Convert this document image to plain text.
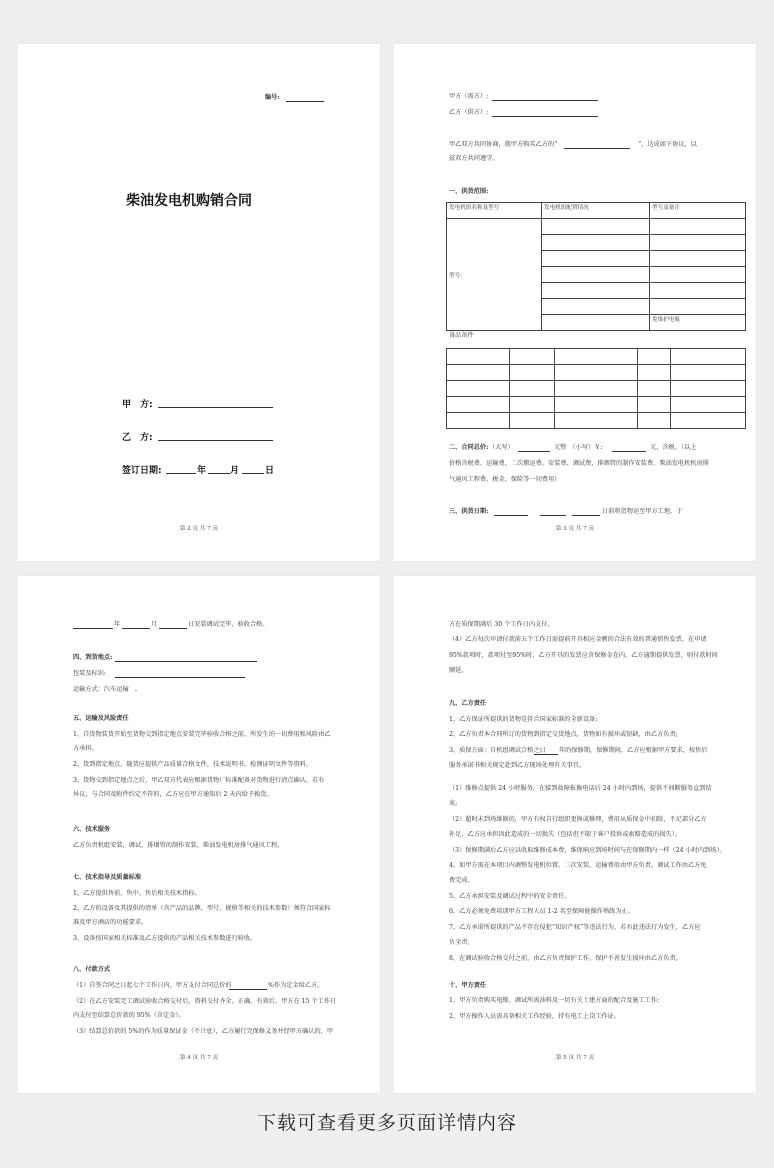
编号:
柴油发电机购销合同
甲　方:
乙　方:
签订日期:	年	月	日
第 2 页 共 7 页
甲方（需方）:
乙方（供方）:
甲乙双方共同协商，就甲方购买乙方的“	”，达成如下协议，以
兹双方共同遵守。
一、供货范围:
发电机组名称及型号	发电机组配置情况	型号及备注
型号:		

		免维护电瓶
备品备件

二、合同总价: （大写）	元整　（小写）￥:	元，含税。（以上
价格含税费、运输费、二次搬运费、安装费、调试费、排烟管的制作安装费、柴油发电机机房排
气通风工程费、税金、保险等一切费用）
三、供货日期:	日前将货物运至甲方工地，于
第 3 页 共 7 页
年	月	日安装调试完毕，验收合格。
四、到货地点:
包装及标识:
运输方式：汽车运输　。
五、运输及风险责任
1、自货物装货开始至货物交到指定地点安装完毕验收合格之前，所发生的一切费用和风险由乙
方承担。
2、货到指定地点，随货应提供产品质量合格文件，技术说明书，检测证明文件等资料。
3、货物交到指定地点之后，甲乙双方代表应根据货物厂标准配备对货物进行清点确认，若有
异议，与合同及附件约定不符的，乙方应在甲方通知后 2 天内给予换货。
六、技术服务
乙方负责机组安装，调试，排烟管的制作安装、柴油发电机房排气通风工程。
七、技术指导及质量标准
1、乙方提供售前、售中、售后相关技术指标。
2、乙方的设备及其提供的清单（含产品的品牌、型号、规格等相关的技术参数）须符合国家标
准及甲方酒店的功能要求。
3、设备按国家相关标准及乙方提供的产品相关技术参数进行验收。
八、付款方式
（1）自签合同之日起七个工作日内，甲方支付合同总价的	%作为定金给乙方。
（2）在乙方安装完工调试验收合格交付后，资料交付齐全、正确、有效后，甲方在 15 个工作日
内支付至结算总价款的 95%（含定金）。
（3）结算总价款的 5%的作为质量保证金（不计息），乙方履行完保修义务并经甲方确认的，甲
第 4 页 共 7 页
方在质保期满后 30 个工作日内支付。
（4）乙方每次申请付款前五个工作日需提前开具相应金额的合法有效的普通销售发票，在申请
95%款项时，款项付至95%时，乙方开具的发票应含保修金在内，乙方逾期提供发票，则付款时间
顺延。
九、乙方责任
1、乙方保证所提供的货物是符合国家标准的全新设备;
2、乙方负责本合同所订的货物到指定交货地点，货物如有损坏或短缺，由乙方负责;
3、质保方面：自机组调试合格之日 年的保修期，保修期间，乙方应根据甲方要求，按售后
服务承诺书相关规定赴到乙方现场处理有关事宜。
（1）维修点提供 24 小时服务，在接到故障报修电话后 24 小时内到场，提供不间断服务直到结
束;
（2）超时未到场维修的，甲方有权自行组织更换或修理，费用从质保金中扣除，不足部分乙方
补足，乙方应承担因此造成的一切损失（包括但不限于客户投诉或索赔造成的损失）。
（3）保修期满后乙方应以收取维修成本费，维保响应到场时间与在保修期内一样（24 小时内到场）。
4、如甲方需在本项目内调整发电机位置，二次安装、运输费用由甲方负责，调试工作由乙方免
费完成。
5、乙方承担安装及调试过程中的安全责任。
6、乙方必须免费培训甲方工程人员 1-2 名至保障能操作熟练为止。
7、乙方承诺所提供的产品不存在侵犯“知识产权”等违法行为，若有此违法行为发生，乙方应
负全责。
8、在调试验收合格交付之前，由乙方负责保护工作，保护不善发生损坏由乙方负责。
十、甲方责任
1、甲方负责购买电缆、调试所需油料及一切有关土建方面的配合及施工工作;
2、甲方操作人员需具备相关工作经验，持有电工上岗工作证。
第 5 页 共 7 页
下载可查看更多页面详情内容
